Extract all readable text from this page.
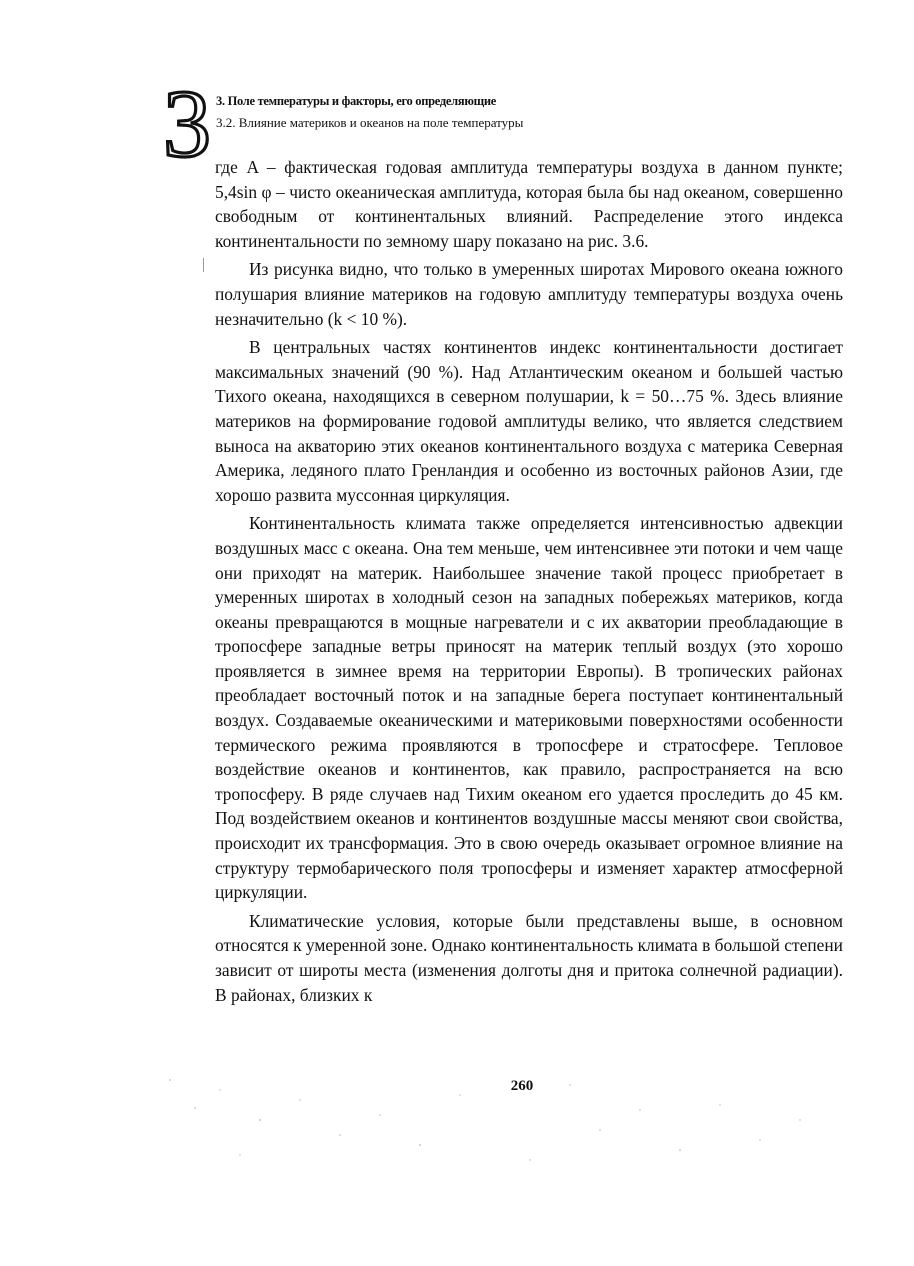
3 3. Поле температуры и факторы, его определяющие
3.2. Влияние материков и океанов на поле температуры

где A – фактическая годовая амплитуда температуры воздуха в данном пункте; 5,4sin φ – чисто океаническая амплитуда, которая была бы над океаном, совершенно свободным от континентальных влияний. Распределение этого индекса континентальности по земному шару показано на рис. 3.6.

Из рисунка видно, что только в умеренных широтах Мирового океана южного полушария влияние материков на годовую амплитуду температуры воздуха очень незначительно (k < 10 %).

В центральных частях континентов индекс континентальности достигает максимальных значений (90 %). Над Атлантическим океаном и большей частью Тихого океана, находящихся в северном полушарии, k = 50…75 %. Здесь влияние материков на формирование годовой амплитуды велико, что является следствием выноса на акваторию этих океанов континентального воздуха с материка Северная Америка, ледяного плато Гренландия и особенно из восточных районов Азии, где хорошо развита муссонная циркуляция.

Континентальность климата также определяется интенсивностью адвекции воздушных масс с океана. Она тем меньше, чем интенсивнее эти потоки и чем чаще они приходят на материк. Наибольшее значение такой процесс приобретает в умеренных широтах в холодный сезон на западных побережьях материков, когда океаны превращаются в мощные нагреватели и с их акватории преобладающие в тропосфере западные ветры приносят на материк теплый воздух (это хорошо проявляется в зимнее время на территории Европы). В тропических районах преобладает восточный поток и на западные берега поступает континентальный воздух. Создаваемые океаническими и материковыми поверхностями особенности термического режима проявляются в тропосфере и стратосфере. Тепловое воздействие океанов и континентов, как правило, распространяется на всю тропосферу. В ряде случаев над Тихим океаном его удается проследить до 45 км. Под воздействием океанов и континентов воздушные массы меняют свои свойства, происходит их трансформация. Это в свою очередь оказывает огромное влияние на структуру термобарического поля тропосферы и изменяет характер атмосферной циркуляции.

Климатические условия, которые были представлены выше, в основном относятся к умеренной зоне. Однако континентальность климата в большой степени зависит от широты места (изменения долготы дня и притока солнечной радиации). В районах, близких к

260
